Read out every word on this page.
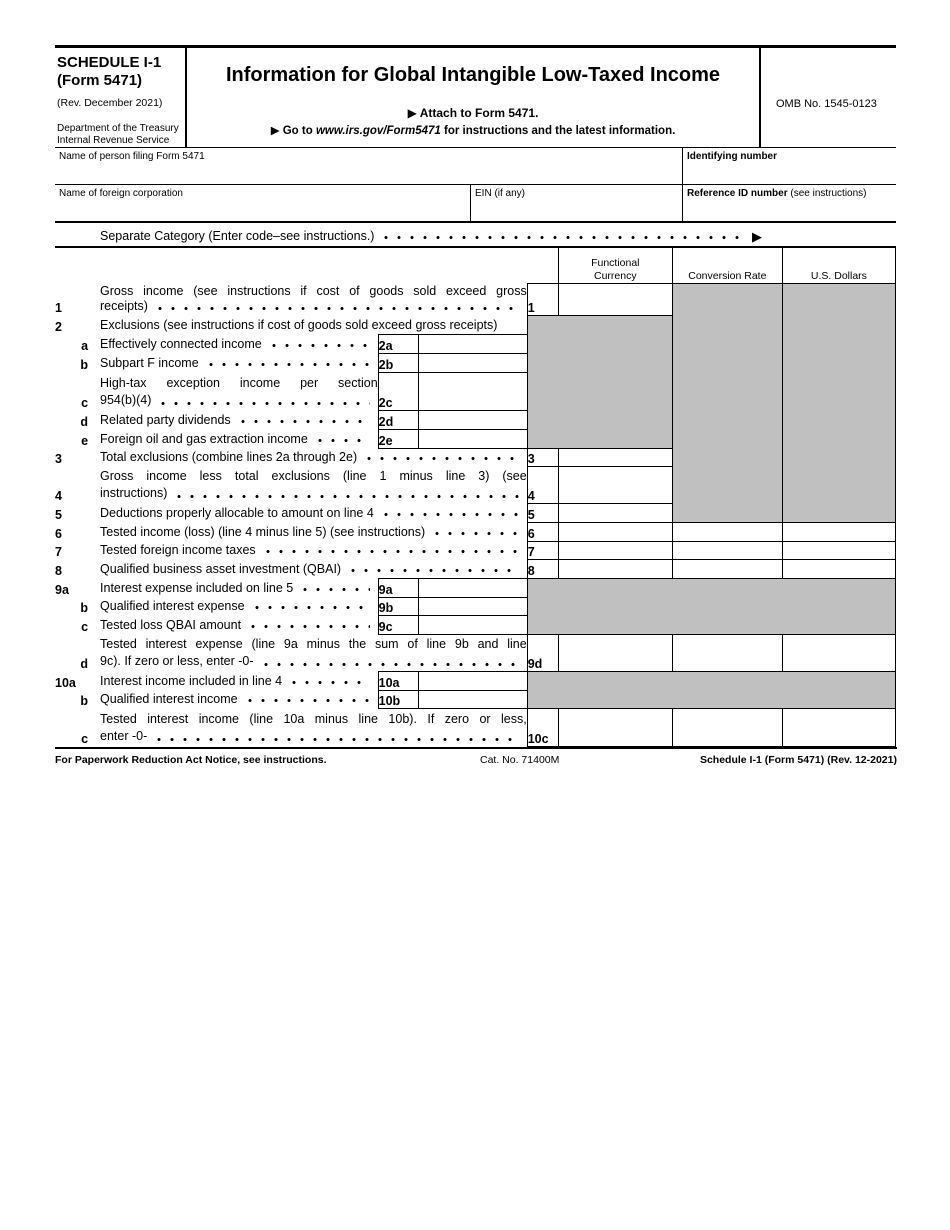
SCHEDULE I-1
(Form 5471)
(Rev. December 2021)
Department of the Treasury
Internal Revenue Service
Information for Global Intangible Low-Taxed Income
▶ Attach to Form 5471.
▶ Go to www.irs.gov/Form5471 for instructions and the latest information.
OMB No. 1545-0123
Name of person filing Form 5471	Identifying number
Name of foreign corporation	EIN (if any)	Reference ID number (see instructions)
Separate Category (Enter code–see instructions.)	▶

					Functional Currency	Conversion Rate	U.S. Dollars

1	Gross income (see instructions if cost of goods sold exceed gross
receipts)			1			
2	Exclusions (see instructions if cost of goods sold exceed gross receipts)						

a	Effectively connected income	2a					
b	Subpart F income	2b					
c	High-tax exception income per section
954(b)(4)	2c					
d	Related party dividends	2d					
e	Foreign oil and gas extraction income	2e					
3	Total exclusions (combine lines 2a through 2e)			3			
4	Gross income less total exclusions (line 1 minus line 3) (see
instructions)			4			
5	Deductions properly allocable to amount on line 4			5			
6	Tested income (loss) (line 4 minus line 5) (see instructions)			6			
7	Tested foreign income taxes			7			
8	Qualified business asset investment (QBAI)			8			
9a	Interest expense included on line 5	9a					
b	Qualified interest expense	9b					
c	Tested loss QBAI amount	9c					
d	Tested interest expense (line 9a minus the sum of line 9b and line
9c). If zero or less, enter -0-			9d			
10a	Interest income included in line 4	10a					
b	Qualified interest income	10b					
c	Tested interest income (line 10a minus line 10b). If zero or less,
enter -0-			10c			
For Paperwork Reduction Act Notice, see instructions.	Cat. No. 71400M	Schedule I-1 (Form 5471) (Rev. 12-2021)
